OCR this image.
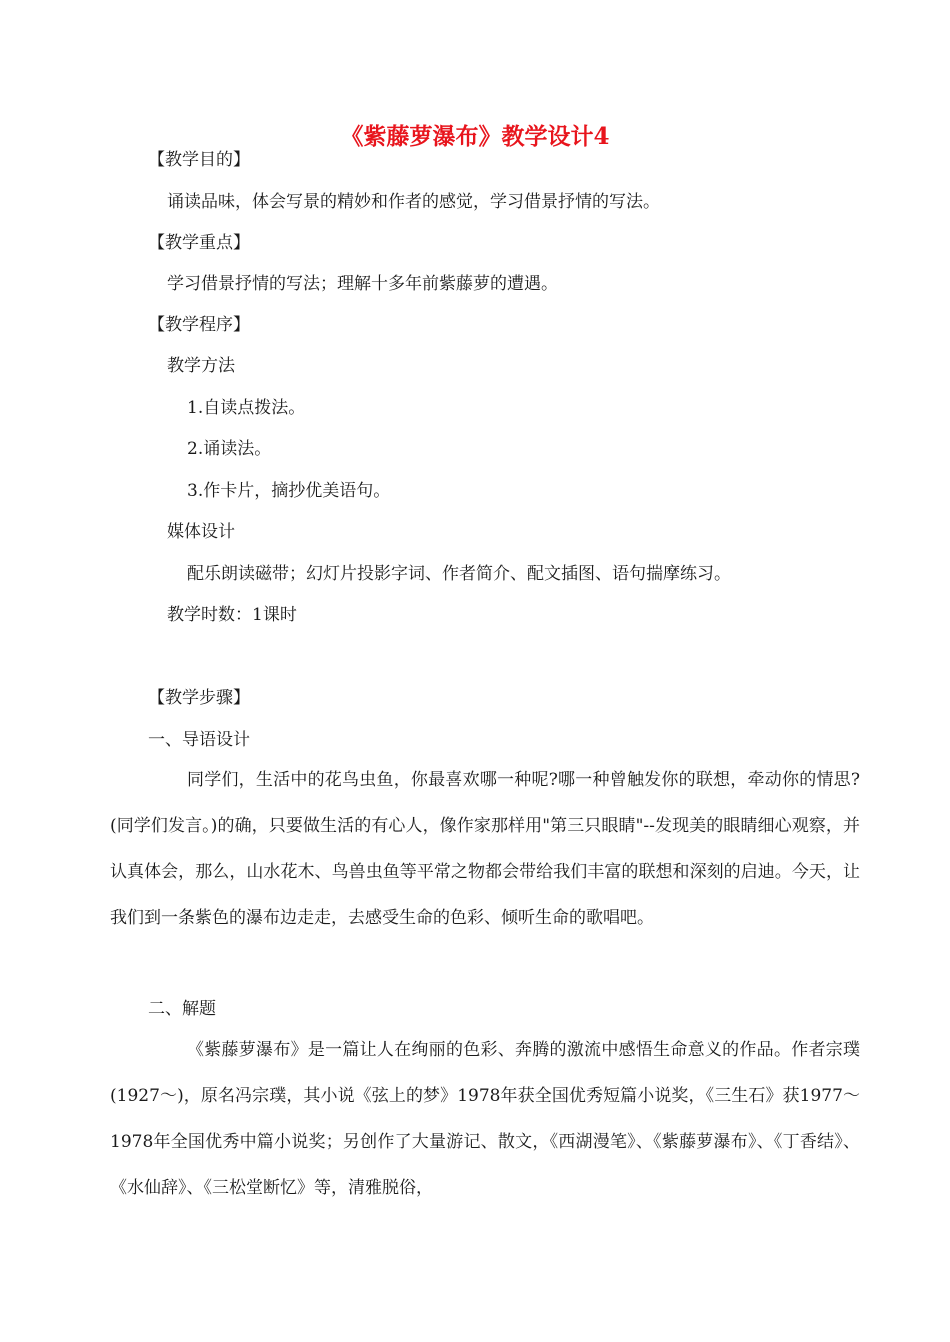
《紫藤萝瀑布》教学设计4
【教学目的】
诵读品味，体会写景的精妙和作者的感觉，学习借景抒情的写法。
【教学重点】
学习借景抒情的写法；理解十多年前紫藤萝的遭遇。
【教学程序】
教学方法
1.自读点拨法。
2.诵读法。
3.作卡片，摘抄优美语句。
媒体设计
配乐朗读磁带；幻灯片投影字词、作者简介、配文插图、语句揣摩练习。
教学时数：1课时
【教学步骤】
一、导语设计

同学们，生活中的花鸟虫鱼，你最喜欢哪一种呢?哪一种曾触发你的联想，牵动你的情思?(同学们发言。)的确，只要做生活的有心人，像作家那样用"第三只眼睛"--发现美的眼睛细心观察，并认真体会，那么，山水花木、鸟兽虫鱼等平常之物都会带给我们丰富的联想和深刻的启迪。今天，让我们到一条紫色的瀑布边走走，去感受生命的色彩、倾听生命的歌唱吧。

二、解题

《紫藤萝瀑布》是一篇让人在绚丽的色彩、奔腾的激流中感悟生命意义的作品。作者宗璞(1927～)，原名冯宗璞，其小说《弦上的梦》1978年获全国优秀短篇小说奖，《三生石》获1977～1978年全国优秀中篇小说奖；另创作了大量游记、散文，《西湖漫笔》、《紫藤萝瀑布》、《丁香结》、《水仙辞》、《三松堂断忆》等，清雅脱俗，
